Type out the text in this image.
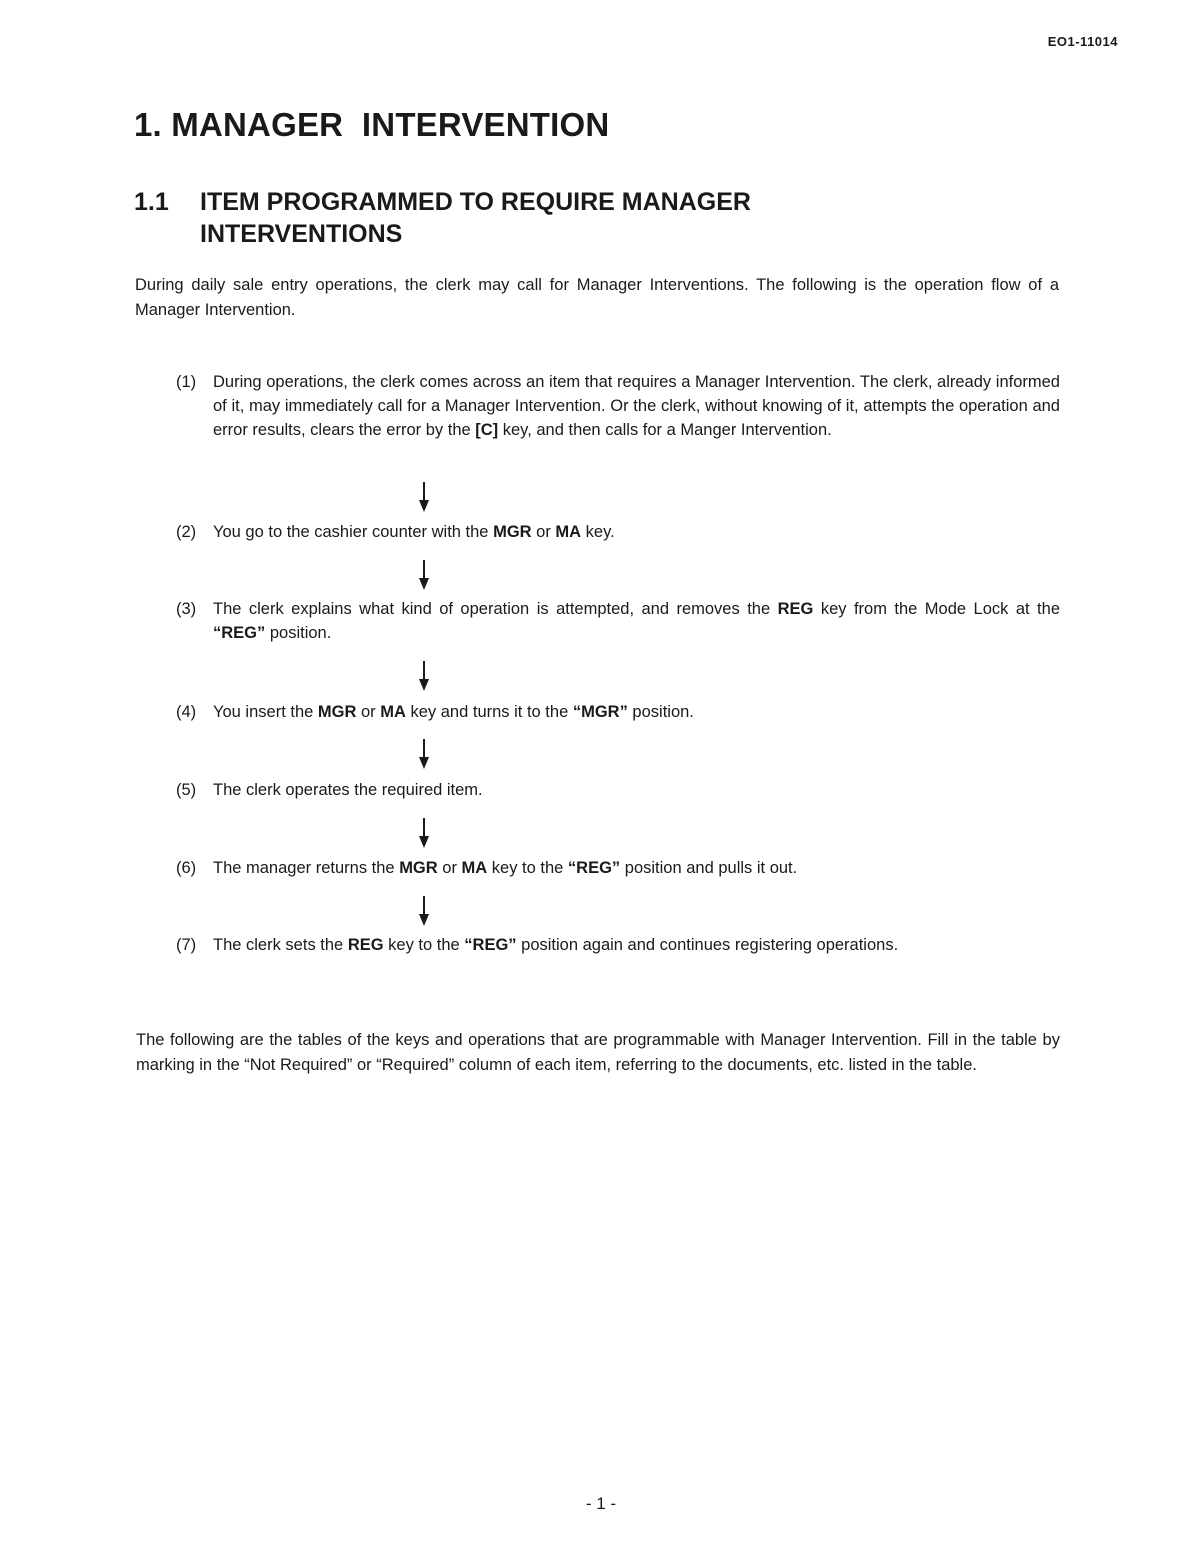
EO1-11014
1. MANAGER  INTERVENTION
1.1	ITEM PROGRAMMED TO REQUIRE MANAGER INTERVENTIONS

During daily sale entry operations, the clerk may call for Manager Interventions. The following is the operation flow of a Manager Intervention.

(1)	During operations, the clerk comes across an item that requires a Manager Intervention. The clerk, already informed of it, may immediately call for a Manager Intervention. Or the clerk, without knowing of it, attempts the operation and error results, clears the error by the [C] key, and then calls for a Manger Intervention.
(2)	You go to the cashier counter with the MGR or MA key.
(3)	The clerk explains what kind of operation is attempted, and removes the REG key from the Mode Lock at the “REG” position.
(4)	You insert the MGR or MA key and turns it to the “MGR” position.
(5)	The clerk operates the required item.
(6)	The manager returns the MGR or MA key to the “REG” position and pulls it out.
(7)	The clerk sets the REG key to the “REG” position again and continues registering operations.

The following are the tables of the keys and operations that are programmable with Manager Intervention. Fill in the table by marking in the “Not Required” or “Required” column of each item, referring to the documents, etc. listed in the table.

- 1 -
